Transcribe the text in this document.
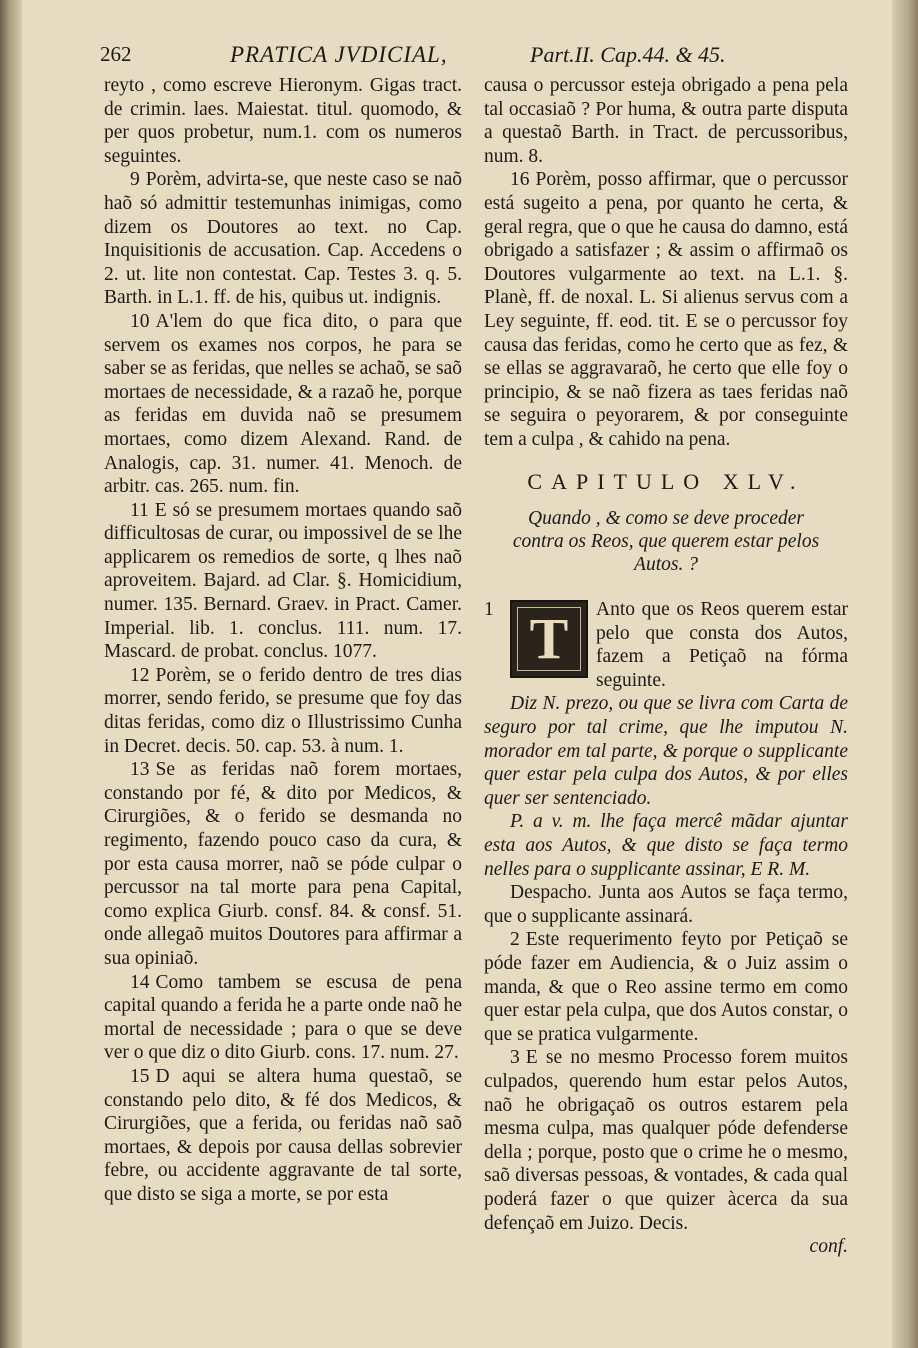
262	PRATICA JVDICIAL,	Part.II. Cap.44. & 45.

reyto , como escreve Hieronym. Gigas tract. de crimin. laes. Maiestat. titul. quomodo, & per quos probetur, num.1. com os numeros seguintes.

9 Porèm, advirta-se, que neste caso se naõ haõ só admittir testemunhas inimigas, como dizem os Doutores ao text. no Cap. Inquisitionis de accusation. Cap. Accedens o 2. ut. lite non contestat. Cap. Testes 3. q. 5. Barth. in L.1. ff. de his, quibus ut. indignis.

10 A'lem do que fica dito, o para que servem os exames nos corpos, he para se saber se as feridas, que nelles se achaõ, se saõ mortaes de necessidade, & a razaõ he, porque as feridas em duvida naõ se presumem mortaes, como dizem Alexand. Rand. de Analogis, cap. 31. numer. 41. Menoch. de arbitr. cas. 265. num. fin.

11 E só se presumem mortaes quando saõ difficultosas de curar, ou impossivel de se lhe applicarem os remedios de sorte, q lhes naõ aproveitem. Bajard. ad Clar. §. Homicidium, numer. 135. Bernard. Graev. in Pract. Camer. Imperial. lib. 1. conclus. 111. num. 17. Mascard. de probat. conclus. 1077.

12 Porèm, se o ferido dentro de tres dias morrer, sendo ferido, se presume que foy das ditas feridas, como diz o Illustrissimo Cunha in Decret. decis. 50. cap. 53. à num. 1.

13 Se as feridas naõ forem mortaes, constando por fé, & dito por Medicos, & Cirurgiões, & o ferido se desmanda no regimento, fazendo pouco caso da cura, & por esta causa morrer, naõ se póde culpar o percussor na tal morte para pena Capital, como explica Giurb. consf. 84. & consf. 51. onde allegaõ muitos Doutores para affirmar a sua opiniaõ.

14 Como tambem se escusa de pena capital quando a ferida he a parte onde naõ he mortal de necessidade ; para o que se deve ver o que diz o dito Giurb. cons. 17. num. 27.

15 D aqui se altera huma questaõ, se constando pelo dito, & fé dos Medicos, & Cirurgiões, que a ferida, ou feridas naõ saõ mortaes, & depois por causa dellas sobrevier febre, ou accidente aggravante de tal sorte, que disto se siga a morte, se por esta

causa o percussor esteja obrigado a pena pela tal occasiaõ ? Por huma, & outra parte disputa a questaõ Barth. in Tract. de percussoribus, num. 8.

16 Porèm, posso affirmar, que o percussor está sugeito a pena, por quanto he certa, & geral regra, que o que he causa do damno, está obrigado a satisfazer ; & assim o affirmaõ os Doutores vulgarmente ao text. na L.1. §. Planè, ff. de noxal. L. Si alienus servus com a Ley seguinte, ff. eod. tit. E se o percussor foy causa das feridas, como he certo que as fez, & se ellas se aggravaraõ, he certo que elle foy o principio, & se naõ fizera as taes feridas naõ se seguira o peyorarem, & por conseguinte tem a culpa , & cahido na pena.

CAPITULO XLV.
Quando , & como se deve proceder contra os Reos, que querem estar pelos Autos. ?
1 T	Anto que os Reos querem estar pelo que consta dos Autos, fazem a Petiçaõ na fórma seguinte.

Diz N. prezo, ou que se livra com Carta de seguro por tal crime, que lhe imputou N. morador em tal parte, & porque o supplicante quer estar pela culpa dos Autos, & por elles quer ser sentenciado.

P. a v. m. lhe faça mercê mãdar ajuntar esta aos Autos, & que disto se faça termo nelles para o supplicante assinar, E R. M.

Despacho. Junta aos Autos se faça termo, que o supplicante assinará.

2 Este requerimento feyto por Petiçaõ se póde fazer em Audiencia, & o Juiz assim o manda, & que o Reo assine termo em como quer estar pela culpa, que dos Autos constar, o que se pratica vulgarmente.

3 E se no mesmo Processo forem muitos culpados, querendo hum estar pelos Autos, naõ he obrigaçaõ os outros estarem pela mesma culpa, mas qualquer póde defenderse della ; porque, posto que o crime he o mesmo, saõ diversas pessoas, & vontades, & cada qual poderá fazer o que quizer àcerca da sua defençaõ em Juizo. Decis.

conf.
